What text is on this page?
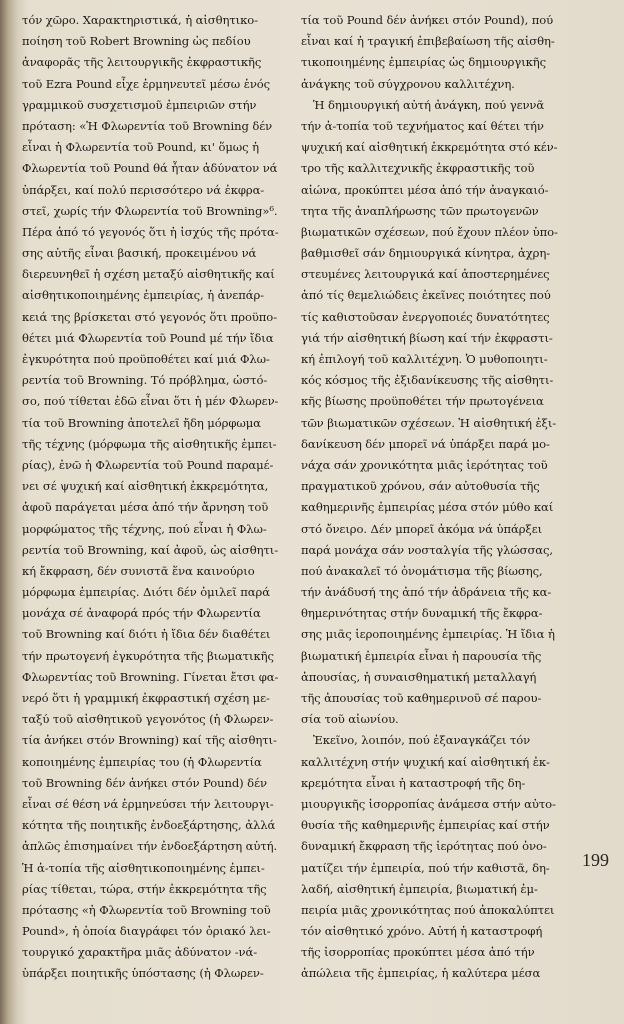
τόν χῶρο. Χαρακτηριστικά, ἡ αἰσθητικο-
ποίηση τοῦ Robert Browning ὡς πεδίου
ἀναφορᾶς τῆς λειτουργικῆς ἐκφραστικῆς
τοῦ Ezra Pound εἶχε ἑρμηνευτεῖ μέσω ἑνός
γραμμικοῦ συσχετισμοῦ ἐμπειριῶν στήν
πρόταση: «Ἡ Φλωρεντία τοῦ Browning δέν
εἶναι ἡ Φλωρεντία τοῦ Pound, κι' ὅμως ἡ
Φλωρεντία τοῦ Pound θά ἦταν ἀδύνατον νά
ὑπάρξει, καί πολύ περισσότερο νά ἐκφρα-
στεῖ, χωρίς τήν Φλωρεντία τοῦ Browning»⁶.
Πέρα ἀπό τό γεγονός ὅτι ἡ ἰσχύς τῆς πρότα-
σης αὐτῆς εἶναι βασική, προκειμένου νά
διερευνηθεῖ ἡ σχέση μεταξύ αἰσθητικῆς καί
αἰσθητικοποιημένης ἐμπειρίας, ἡ ἀνεπάρ-
κειά της βρίσκεται στό γεγονός ὅτι προϋπο-
θέτει μιά Φλωρεντία τοῦ Pound μέ τήν ἴδια
ἐγκυρότητα πού προϋποθέτει καί μιά Φλω-
ρεντία τοῦ Browning. Τό πρόβλημα, ὡστό-
σο, πού τίθεται ἐδῶ εἶναι ὅτι ἡ μέν Φλωρεν-
τία τοῦ Browning ἀποτελεῖ ἤδη μόρφωμα
τῆς τέχνης (μόρφωμα τῆς αἰσθητικῆς ἐμπει-
ρίας), ἐνῶ ἡ Φλωρεντία τοῦ Pound παραμέ-
νει σέ ψυχική καί αἰσθητική ἐκκρεμότητα,
ἀφοῦ παράγεται μέσα ἀπό τήν ἄρνηση τοῦ
μορφώματος τῆς τέχνης, πού εἶναι ἡ Φλω-
ρεντία τοῦ Browning, καί ἀφοῦ, ὡς αἰσθητι-
κή ἔκφραση, δέν συνιστᾶ ἕνα καινούριο
μόρφωμα ἐμπειρίας. Διότι δέν ὁμιλεῖ παρά
μονάχα σέ ἀναφορά πρός τήν Φλωρεντία
τοῦ Browning καί διότι ἡ ἴδια δέν διαθέτει
τήν πρωτογενή ἐγκυρότητα τῆς βιωματικῆς
Φλωρεντίας τοῦ Browning. Γίνεται ἔτσι φα-
νερό ὅτι ἡ γραμμική ἐκφραστική σχέση με-
ταξύ τοῦ αἰσθητικοῦ γεγονότος (ἡ Φλωρεν-
τία ἀνήκει στόν Browning) καί τῆς αἰσθητι-
κοποιημένης ἐμπειρίας του (ἡ Φλωρεντία
τοῦ Browning δέν ἀνήκει στόν Pound) δέν
εἶναι σέ θέση νά ἑρμηνεύσει τήν λειτουργι-
κότητα τῆς ποιητικῆς ἐνδοεξάρτησης, ἀλλά
ἁπλῶς ἐπισημαίνει τήν ἐνδοεξάρτηση αὐτή.
Ἡ ἀ-τοπία τῆς αἰσθητικοποιημένης ἐμπει-
ρίας τίθεται, τώρα, στήν ἐκκρεμότητα τῆς
πρότασης «ἡ Φλωρεντία τοῦ Browning τοῦ
Pound», ἡ ὁποία διαγράφει τόν ὁριακό λει-
τουργικό χαρακτῆρα μιᾶς ἀδύνατον -νά-
ὑπάρξει ποιητικῆς ὑπόστασης (ἡ Φλωρεν-
τία τοῦ Pound δέν ἀνήκει στόν Pound), πού
εἶναι καί ἡ τραγική ἐπιβεβαίωση τῆς αἰσθη-
τικοποιημένης ἐμπειρίας ὡς δημιουργικῆς
ἀνάγκης τοῦ σύγχρονου καλλιτέχνη.
Ἡ δημιουργική αὐτή ἀνάγκη, πού γεννᾶ
τήν ἀ-τοπία τοῦ τεχνήματος καί θέτει τήν
ψυχική καί αἰσθητική ἐκκρεμότητα στό κέν-
τρο τῆς καλλιτεχνικῆς ἐκφραστικῆς τοῦ
αἰώνα, προκύπτει μέσα ἀπό τήν ἀναγκαιό-
τητα τῆς ἀναπλήρωσης τῶν πρωτογενῶν
βιωματικῶν σχέσεων, πού ἔχουν πλέον ὑπο-
βαθμισθεῖ σάν δημιουργικά κίνητρα, ἀχρη-
στευμένες λειτουργικά καί ἀποστερημένες
ἀπό τίς θεμελιώδεις ἐκεῖνες ποιότητες πού
τίς καθιστοῦσαν ἐνεργοποιές δυνατότητες
γιά τήν αἰσθητική βίωση καί τήν ἐκφραστι-
κή ἐπιλογή τοῦ καλλιτέχνη. Ὁ μυθοποιητι-
κός κόσμος τῆς ἐξιδανίκευσης τῆς αἰσθητι-
κῆς βίωσης προϋποθέτει τήν πρωτογένεια
τῶν βιωματικῶν σχέσεων. Ἡ αἰσθητική ἐξι-
δανίκευση δέν μπορεῖ νά ὑπάρξει παρά μο-
νάχα σάν χρονικότητα μιᾶς ἱερότητας τοῦ
πραγματικοῦ χρόνου, σάν αὐτοθυσία τῆς
καθημερινῆς ἐμπειρίας μέσα στόν μύθο καί
στό ὄνειρο. Δέν μπορεῖ ἀκόμα νά ὑπάρξει
παρά μονάχα σάν νοσταλγία τῆς γλώσσας,
πού ἀνακαλεῖ τό ὀνομάτισμα τῆς βίωσης,
τήν ἀνάδυσή της ἀπό τήν ἀδράνεια τῆς κα-
θημερινότητας στήν δυναμική τῆς ἔκφρα-
σης μιᾶς ἱεροποιημένης ἐμπειρίας. Ἡ ἴδια ἡ
βιωματική ἐμπειρία εἶναι ἡ παρουσία τῆς
ἀπουσίας, ἡ συναισθηματική μεταλλαγή
τῆς ἀπουσίας τοῦ καθημερινοῦ σέ παρου-
σία τοῦ αἰωνίου.
Ἐκεῖνο, λοιπόν, πού ἐξαναγκάζει τόν
καλλιτέχνη στήν ψυχική καί αἰσθητική ἐκ-
κρεμότητα εἶναι ἡ καταστροφή τῆς δη-
μιουργικῆς ἰσορροπίας ἀνάμεσα στήν αὐτο-
θυσία τῆς καθημερινῆς ἐμπειρίας καί στήν
δυναμική ἔκφραση τῆς ἱερότητας πού ὀνο-
ματίζει τήν ἐμπειρία, πού τήν καθιστᾶ, δη-
λαδή, αἰσθητική ἐμπειρία, βιωματική ἐμ-
πειρία μιᾶς χρονικότητας πού ἀποκαλύπτει
τόν αἰσθητικό χρόνο. Αὐτή ἡ καταστροφή
τῆς ἰσορροπίας προκύπτει μέσα ἀπό τήν
ἀπώλεια τῆς ἐμπειρίας, ἡ καλύτερα μέσα
199
